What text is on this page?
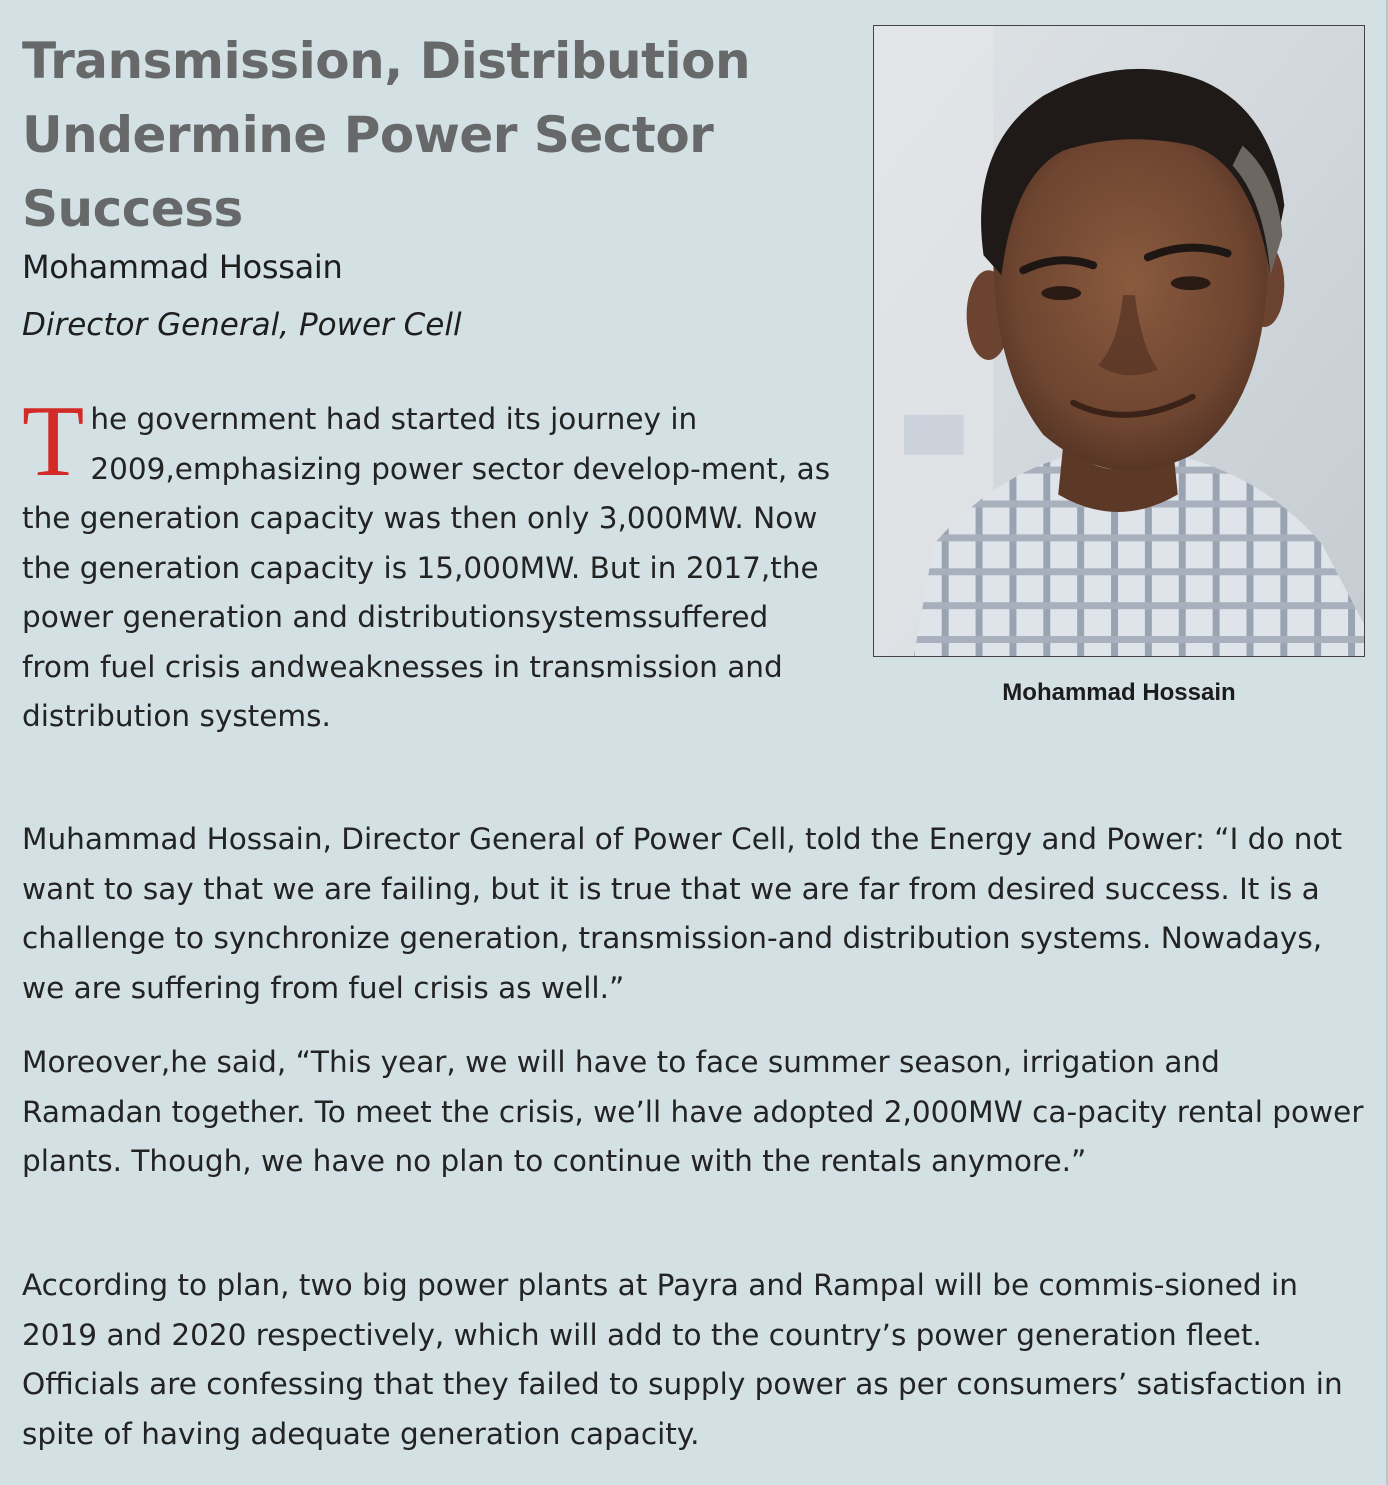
Transmission, Distribution Undermine Power Sector Success

Mohammad Hossain

Director General, Power Cell

The government had started its journey in 2009,emphasizing power sector develop-ment, as the generation capacity was then only 3,000MW. Now the generation capacity is 15,000MW. But in 2017,the power generation and distributionsystemssuffered from fuel crisis andweaknesses in transmission and distribution systems.

Muhammad Hossain, Director General of Power Cell, told the Energy and Power: “I do not want to say that we are failing, but it is true that we are far from desired success. It is a challenge to synchronize generation, transmission-and distribution systems. Nowadays, we are suffering from fuel crisis as well.”

Moreover,he said, “This year, we will have to face summer season, irrigation and Ramadan together. To meet the crisis, we’ll have adopted 2,000MW ca-pacity rental power plants. Though, we have no plan to continue with the rentals anymore.”

According to plan, two big power plants at Payra and Rampal will be commis-sioned in 2019 and 2020 respectively, which will add to the country’s power generation fleet. Officials are confessing that they failed to supply power as per consumers’ satisfaction in spite of having adequate generation capacity.

Mohammad Hossain
